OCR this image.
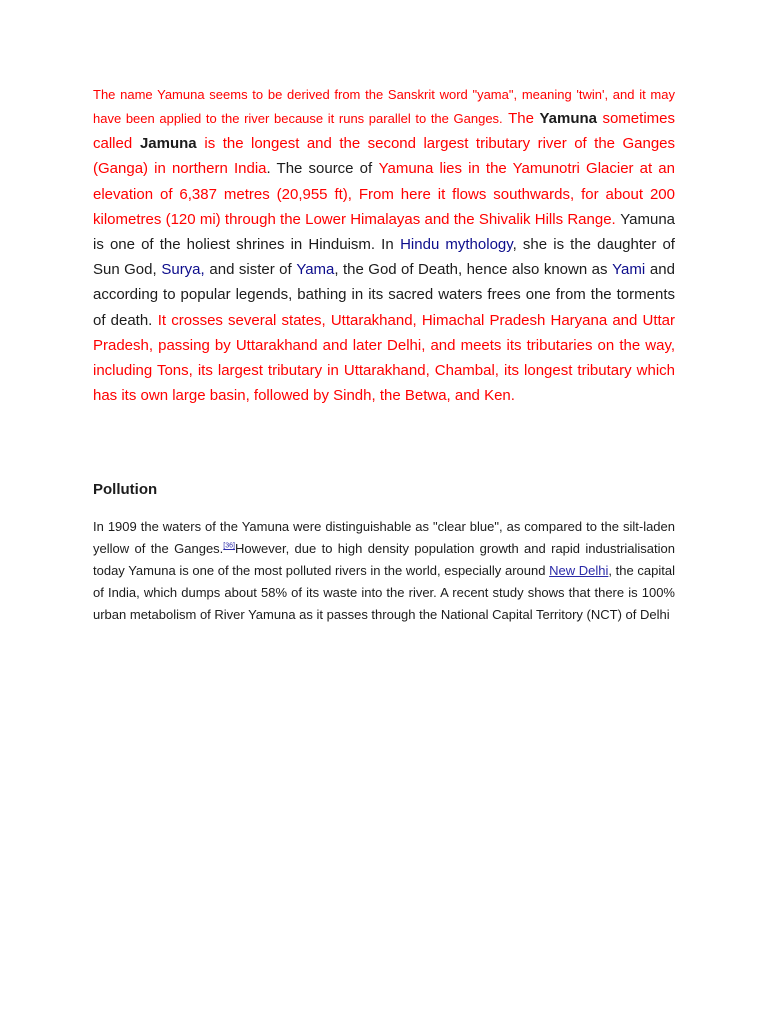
The name Yamuna seems to be derived from the Sanskrit word "yama", meaning 'twin', and it may have been applied to the river because it runs parallel to the Ganges. The Yamuna sometimes called Jamuna is the longest and the second largest tributary river of the Ganges (Ganga) in northern India. The source of Yamuna lies in the Yamunotri Glacier at an elevation of 6,387 metres (20,955 ft), From here it flows southwards, for about 200 kilometres (120 mi) through the Lower Himalayas and the Shivalik Hills Range. Yamuna is one of the holiest shrines in Hinduism. In Hindu mythology, she is the daughter of Sun God, Surya, and sister of Yama, the God of Death, hence also known as Yami and according to popular legends, bathing in its sacred waters frees one from the torments of death. It crosses several states, Uttarakhand, Himachal Pradesh Haryana and Uttar Pradesh, passing by Uttarakhand and later Delhi, and meets its tributaries on the way, including Tons, its largest tributary in Uttarakhand, Chambal, its longest tributary which has its own large basin, followed by Sindh, the Betwa, and Ken.

Pollution

In 1909 the waters of the Yamuna were distinguishable as "clear blue", as compared to the silt-laden yellow of the Ganges.[36]However, due to high density population growth and rapid industrialisation today Yamuna is one of the most polluted rivers in the world, especially around New Delhi, the capital of India, which dumps about 58% of its waste into the river. A recent study shows that there is 100% urban metabolism of River Yamuna as it passes through the National Capital Territory (NCT) of Delhi
